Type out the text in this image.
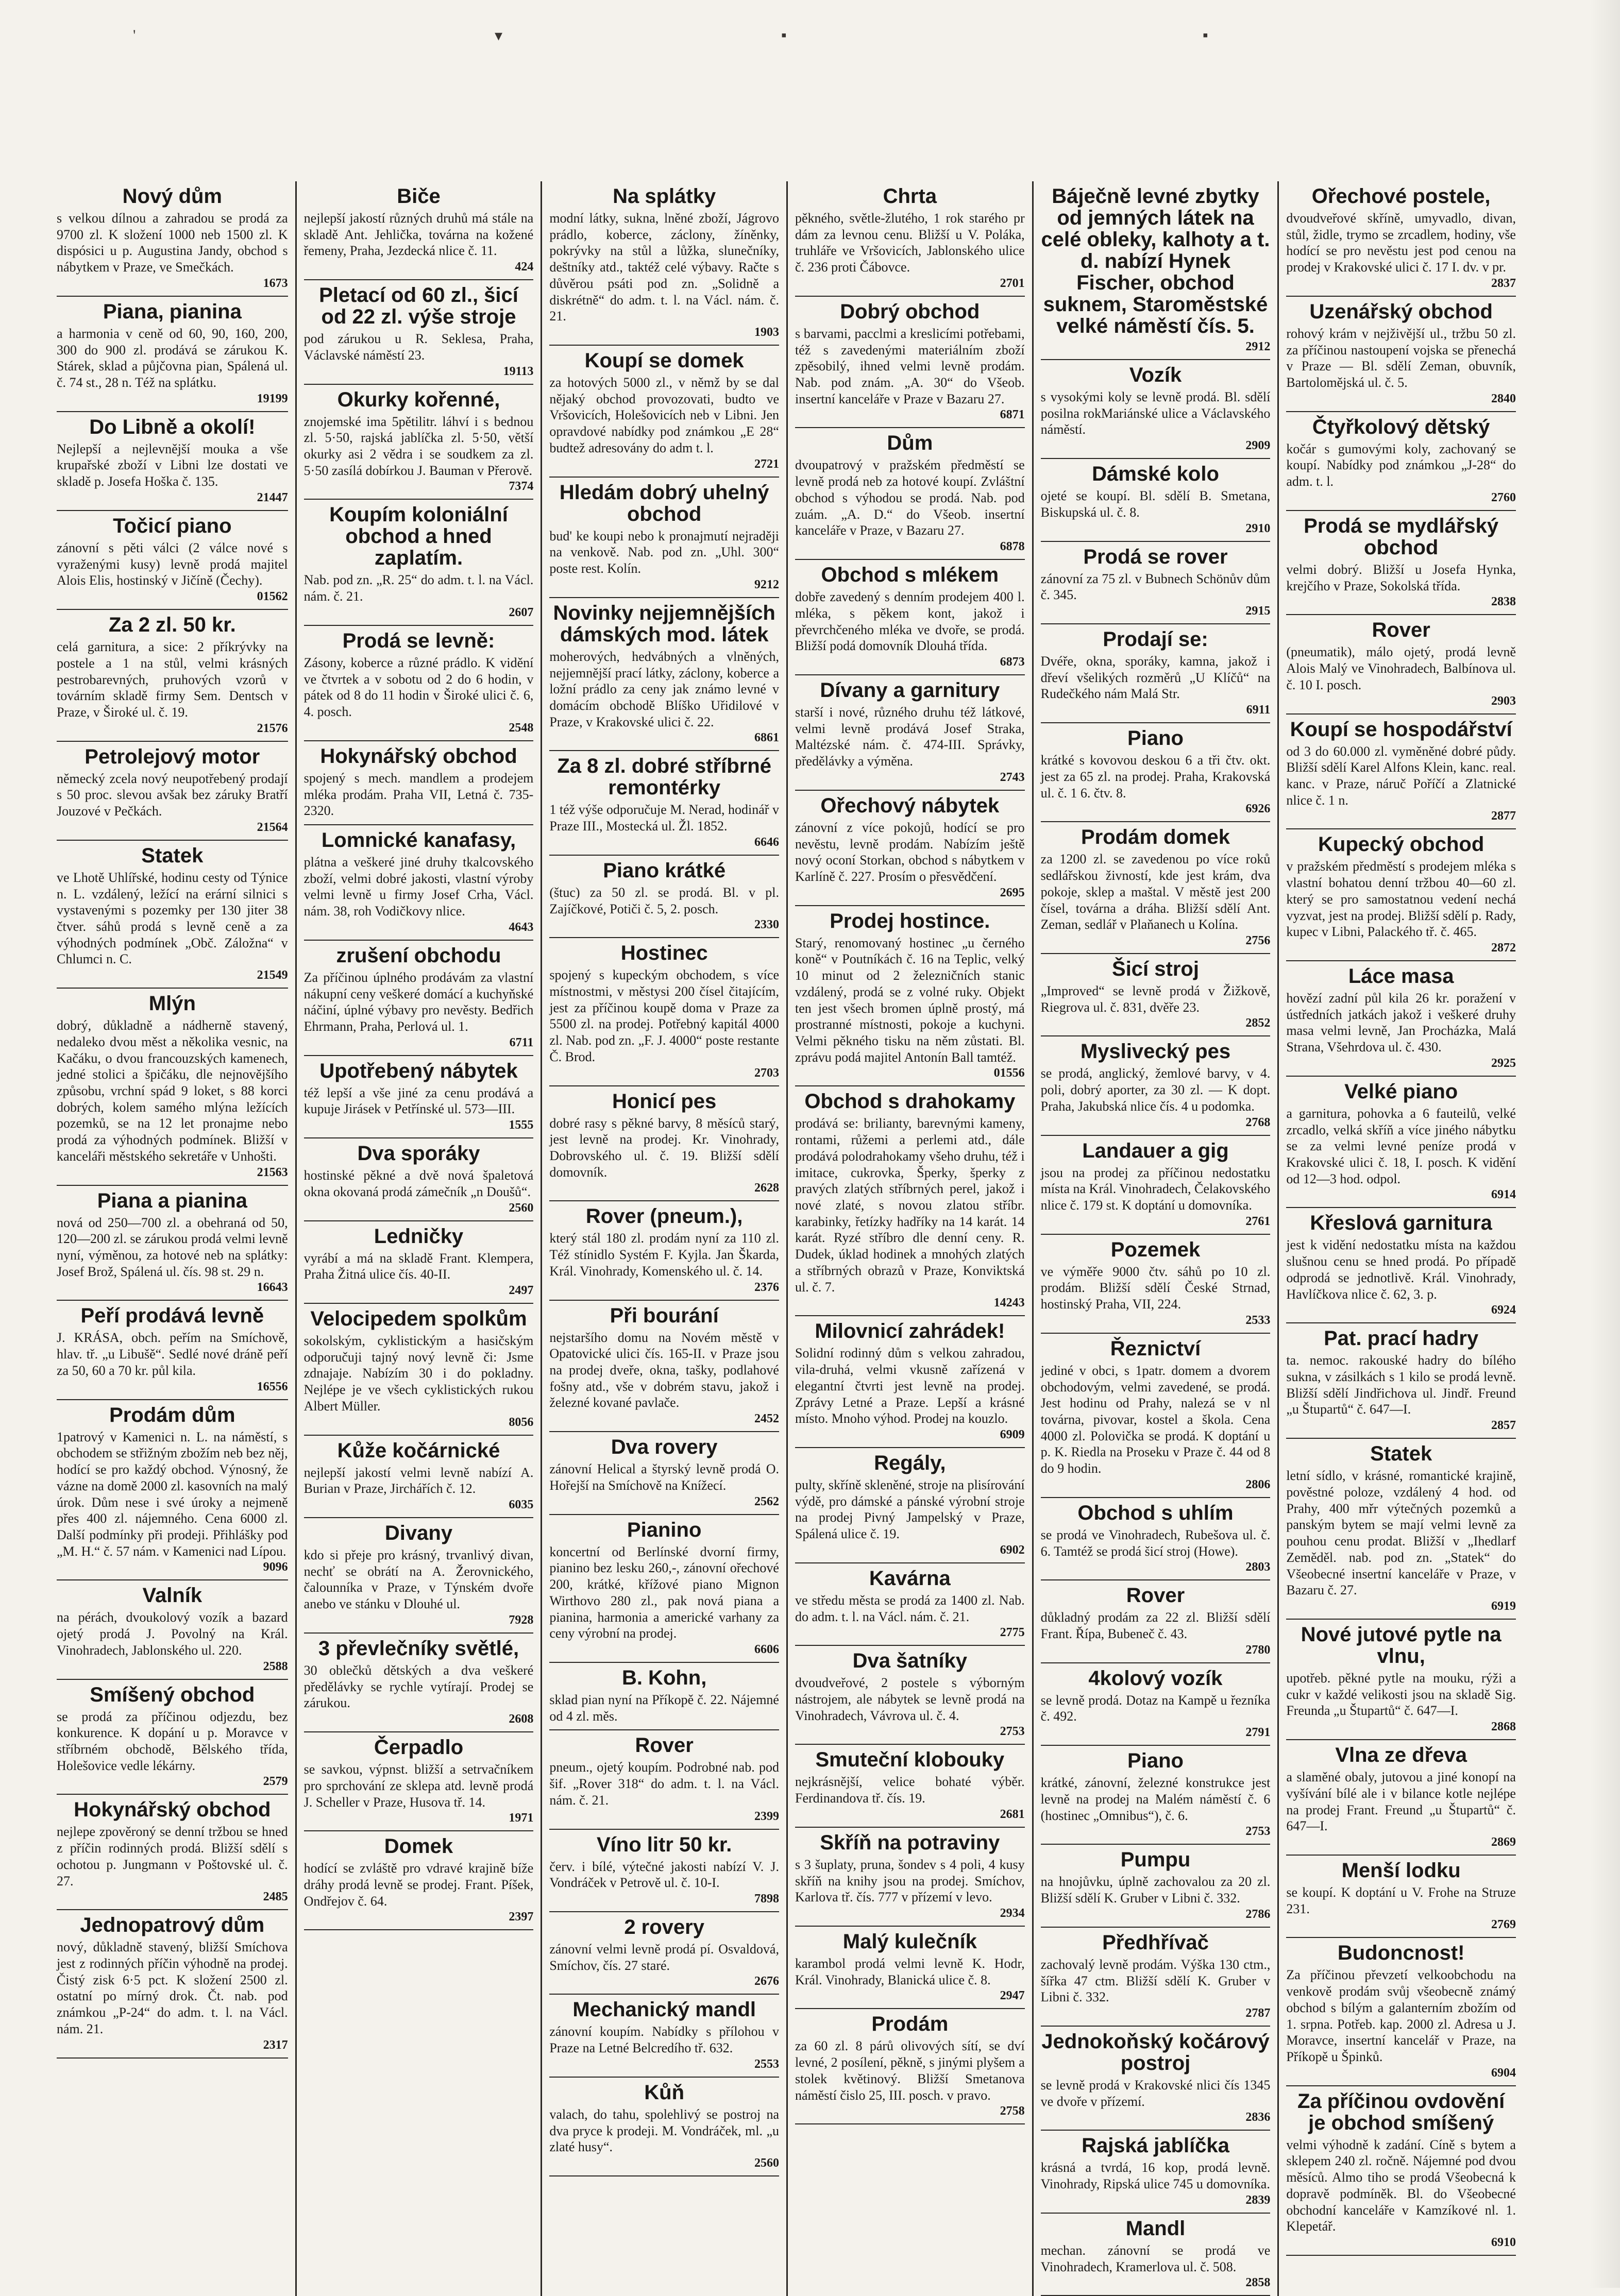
'	▾	▪	▪
Nový dům

s velkou dílnou a zahradou se prodá za 9700 zl. K složení 1000 neb 1500 zl. K dispósici u p. Augustina Jandy, obchod s nábytkem v Praze, ve Smečkách.

1673
Piana, pianina

a harmonia v ceně od 60, 90, 160, 200, 300 do 900 zl. prodává se zárukou K. Stárek, sklad a půjčovna pian, Spálená ul. č. 74 st., 28 n. Též na splátku.

19199
Do Libně a okolí!

Nejlepší a nejlevnější mouka a vše krupařské zboží v Libni lze dostati ve skladě p. Josefa Hoška č. 135.

21447
Točicí piano

zánovní s pěti válci (2 válce nové s vyraženými kusy) levně prodá majitel Alois Elis, hostinský v Jičíně (Čechy).

01562
Za 2 zl. 50 kr.

celá garnitura, a sice: 2 příkrývky na postele a 1 na stůl, velmi krásných pestrobarevných, pruhových vzorů v továrním skladě firmy Sem. Dentsch v Praze, v Široké ul. č. 19.

21576
Petrolejový motor

německý zcela nový neupotřebený prodají s 50 proc. slevou avšak bez záruky Bratří Jouzové v Pečkách.

21564
Statek

ve Lhotě Uhlířské, hodinu cesty od Týnice n. L. vzdálený, ležící na erární silnici s vystavenými s pozemky per 130 jiter 38 čtver. sáhů prodá s levně ceně a za výhodných podmínek „Obč. Záložna“ v Chlumci n. C.

21549
Mlýn

dobrý, důkladně a nádherně stavený, nedaleko dvou měst a několika vesnic, na Kačáku, o dvou francouzských kamenech, jedné stolici a špičáku, dle nejnovějšího způsobu, vrchní spád 9 loket, s 88 korci dobrých, kolem samého mlýna ležících pozemků, se na 12 let pronajme nebo prodá za výhodných podmínek. Bližší v kanceláři městského sekretáře v Unhošti.

21563
Piana a pianina

nová od 250—700 zl. a obehraná od 50, 120—200 zl. se zárukou prodá velmi levně nyní, výměnou, za hotové neb na splátky: Josef Brož, Spálená ul. čís. 98 st. 29 n.

16643
Peří prodává levně

J. KRÁSA, obch. peřím na Smíchově, hlav. tř. „u Libušě“. Sedlé nové dráně peří za 50, 60 a 70 kr. půl kila.

16556
Prodám dům

1patrový v Kamenici n. L. na náměstí, s obchodem se střižným zbožím neb bez něj, hodící se pro každý obchod. Výnosný, že vázne na domě 2000 zl. kasovních na malý úrok. Dům nese i své úroky a nejmeně přes 400 zl. nájemného. Cena 6000 zl. Další podmínky při prodeji. Přihlášky pod „M. H.“ č. 57 nám. v Kamenici nad Lípou.

9096
Valník

na pérách, dvoukolový vozík a bazard ojetý prodá J. Povolný na Král. Vinohradech, Jablonského ul. 220.

2588
Smíšený obchod

se prodá za příčinou odjezdu, bez konkurence. K dopání u p. Moravce v stříbrném obchodě, Bělského třída, Holešovice vedle lékárny.

2579
Hokynářský obchod

nejlepe zpověroný se denní tržbou se hned z příčin rodinných prodá. Bližší sdělí s ochotou p. Jungmann v Poštovské ul. č. 27.

2485
Jednopatrový dům

nový, důkladně stavený, bližší Smíchova jest z rodinných příčin výhodně na prodej. Čistý zisk 6·5 pct. K složení 2500 zl. ostatní po mírný drok. Čt. nab. pod známkou „P-24“ do adm. t. l. na Václ. nám. 21.

2317
Biče

nejlepší jakostí různých druhů má stále na skladě Ant. Jehlička, továrna na kožené řemeny, Praha, Jezdecká nlice č. 11.

424
Pletací od 60 zl., šicí od 22 zl. výše stroje

pod zárukou u R. Seklesa, Praha, Václavské náměstí 23.

19113
Okurky kořenné,

znojemské ima 5pětilitr. láhví i s bednou zl. 5·50, rajská jablíčka zl. 5·50, větší okurky asi 2 vědra i se soudkem za zl. 5·50 zasílá dobírkou J. Bauman v Přerově.

7374
Koupím koloniální obchod a hned zaplatím.

Nab. pod zn. „R. 25“ do adm. t. l. na Václ. nám. č. 21.

2607
Prodá se levně:

Zásony, koberce a různé prádlo. K vidění ve čtvrtek a v sobotu od 2 do 6 hodin, v pátek od 8 do 11 hodin v Široké ulici č. 6, 4. posch.

2548
Hokynářský obchod

spojený s mech. mandlem a prodejem mléka prodám. Praha VII, Letná č. 735-2320.

Lomnické kanafasy,

plátna a veškeré jiné druhy tkalcovského zboží, velmi dobré jakosti, vlastní výroby velmi levně u firmy Josef Crha, Václ. nám. 38, roh Vodičkovy nlice.

4643
zrušení obchodu

Za příčinou úplného prodávám za vlastní nákupní ceny veškeré domácí a kuchyňské náčiní, úplné výbavy pro nevěsty. Bedřich Ehrmann, Praha, Perlová ul. 1.

6711
Upotřebený nábytek

též lepší a vše jiné za cenu prodává a kupuje Jirásek v Petřínské ul. 573—III.

1555
Dva sporáky

hostinské pěkné a dvě nová špaletová okna okovaná prodá zámečník „n Doušů“.

2560
Ledničky

vyrábí a má na skladě Frant. Klempera, Praha Žitná ulice čís. 40-II.

2497
Velocipedem spolkům

sokolským, cyklistickým a hasičským odporučuji tajný nový levně či: Jsme zdnajaje. Nabízím 30 i do pokladny. Nejlépe je ve všech cyklistických rukou Albert Müller.

8056
Kůže kočárnické

nejlepší jakostí velmi levně nabízí A. Burian v Praze, Jirchářích č. 12.

6035
Divany

kdo si přeje pro krásný, trvanlivý divan, nechť se obrátí na A. Žerovnického, čalounníka v Praze, v Týnském dvoře anebo ve stánku v Dlouhé ul.

7928
3 převlečníky světlé,

30 oblečků dětských a dva veškeré předělávky se rychle vytírají. Prodej se zárukou.

2608
Čerpadlo

se savkou, výpnst. bližší a setrvačníkem pro sprchování ze sklepa atd. levně prodá J. Scheller v Praze, Husova tř. 14.

1971
Domek

hodící se zvláště pro vdravé krajině bíže dráhy prodá levně se prodej. Frant. Píšek, Ondřejov č. 64.

2397
Na splátky

modní látky, sukna, lněné zboží, Jágrovo prádlo, koberce, záclony, žíněnky, pokrývky na stůl a lůžka, slunečníky, deštníky atd., taktéž celé výbavy. Račte s důvěrou psáti pod zn. „Solidně a diskrétně“ do adm. t. l. na Václ. nám. č. 21.

1903
Koupí se domek

za hotových 5000 zl., v němž by se dal nějaký obchod provozovati, budto ve Vršovicích, Holešovicích neb v Libni. Jen opravdové nabídky pod známkou „E 28“ budtež adresovány do adm t. l.

2721
Hledám dobrý uhelný obchod

bud' ke koupi nebo k pronajmutí nejraději na venkově. Nab. pod zn. „Uhl. 300“ poste rest. Kolín.

9212
Novinky nejjemnějších dámských mod. látek

moherových, hedvábných a vlněných, nejjemnější prací látky, záclony, koberce a ložní prádlo za ceny jak známo levné v domácím obchodě Blíško Uřidilové v Praze, v Krakovské ulici č. 22.

6861
Za 8 zl. dobré stříbrné remontérky

1 též výše odporučuje M. Nerad, hodinář v Praze III., Mostecká ul. Žl. 1852.

6646
Piano krátké

(štuc) za 50 zl. se prodá. Bl. v pl. Zajíčkové, Potiči č. 5, 2. posch.

2330
Hostinec

spojený s kupeckým obchodem, s více místnostmi, v městysi 200 čísel čitajícím, jest za příčinou koupě doma v Praze za 5500 zl. na prodej. Potřebný kapitál 4000 zl. Nab. pod zn. „F. J. 4000“ poste restante Č. Brod.

2703
Honicí pes

dobré rasy s pěkné barvy, 8 měsíců starý, jest levně na prodej. Kr. Vinohrady, Dobrovského ul. č. 19. Bližší sdělí domovník.

2628
Rover (pneum.),

který stál 180 zl. prodám nyní za 110 zl. Též stínidlo Systém F. Kyjla. Jan Škarda, Král. Vinohrady, Komenského ul. č. 14.

2376
Při bourání

nejstaršího domu na Novém městě v Opatovické ulici čís. 165-II. v Praze jsou na prodej dveře, okna, tašky, podlahové fošny atd., vše v dobrém stavu, jakož i železné kované pavlače.

2452
Dva rovery

zánovní Helical a štyrský levně prodá O. Hořejší na Smíchově na Knížecí.

2562
Pianino

koncertní od Berlínské dvorní firmy, pianino bez lesku 260,-, zánovní ořechové 200, krátké, křížové piano Mignon Wirthovo 280 zl., pak nová piana a pianina, harmonia a americké varhany za ceny výrobní na prodej.

6606
B. Kohn,

sklad pian nyní na Příkopě č. 22. Nájemné od 4 zl. měs.

Rover

pneum., ojetý koupím. Podrobné nab. pod šif. „Rover 318“ do adm. t. l. na Václ. nám. č. 21.

2399
Víno litr 50 kr.

červ. i bílé, výtečné jakosti nabízí V. J. Vondráček v Petrově ul. č. 10-I.

7898
2 rovery

zánovní velmi levně prodá pí. Osvaldová, Smíchov, čís. 27 staré.

2676
Mechanický mandl

zánovní koupím. Nabídky s přílohou v Praze na Letné Belcredího tř. 632.

2553
Kůň

valach, do tahu, spolehlivý se postroj na dva pryce k prodeji. M. Vondráček, ml. „u zlaté husy“.

2560
Chrta

pěkného, světle-žlutého, 1 rok starého pr dám za levnou cenu. Bližší u V. Poláka, truhláře ve Vršovicích, Jablonského ulice č. 236 proti Čábovce.

2701
Dobrý obchod

s barvami, pacclmi a kreslicími potřebami, též s zavedenými materiálním zboží zpěsobilý, ihned velmi levně prodám. Nab. pod znám. „A. 30“ do Všeob. insertní kanceláře v Praze v Bazaru 27.

6871
Dům

dvoupatrový v pražském předměstí se levně prodá neb za hotové koupí. Zvláštní obchod s výhodou se prodá. Nab. pod zuám. „A. D.“ do Všeob. insertní kanceláře v Praze, v Bazaru 27.

6878
Obchod s mlékem

dobře zavedený s denním prodejem 400 l. mléka, s pěkem kont, jakož i převrchčeného mléka ve dvoře, se prodá. Bližší podá domovník Dlouhá třída.

6873
Dívany a garnitury

starší i nové, různého druhu též látkové, velmi levně prodává Josef Straka, Maltézské nám. č. 474-III. Správky, předělávky a výměna.

2743
Ořechový nábytek

zánovní z více pokojů, hodící se pro nevěstu, levně prodám. Nabízím ještě nový oconí Storkan, obchod s nábytkem v Karlíně č. 227. Prosím o přesvědčení.

2695
Prodej hostince.

Starý, renomovaný hostinec „u černého koně“ v Poutníkách č. 16 na Teplic, velký 10 minut od 2 železničních stanic vzdálený, prodá se z volné ruky. Objekt ten jest všech bromen úplně prostý, má prostranné místnosti, pokoje a kuchyni. Velmi pěkného tisku na něm zůstati. Bl. zprávu podá majitel Antonín Ball tamtéž.

01556
Obchod s drahokamy

prodává se: brilianty, barevnými kameny, rontami, růžemi a perlemi atd., dále prodává polodrahokamy všeho druhu, též i imitace, cukrovka, Šperky, šperky z pravých zlatých stříbrných perel, jakož i nové zlaté, s novou zlatou stříbr. karabinky, řetízky hadříky na 14 karát. 14 karát. Ryzé stříbro dle denní ceny. R. Dudek, úklad hodinek a mnohých zlatých a stříbrných obrazů v Praze, Konviktská ul. č. 7.

14243
Milovnicí zahrádek!

Solidní rodinný dům s velkou zahradou, vila-druhá, velmi vkusně zařízená v elegantní čtvrti jest levně na prodej. Zprávy Letné a Praze. Lepší a krásné místo. Mnoho výhod. Prodej na kouzlo.

6909
Regály,

pulty, skříně skleněné, stroje na plisírování výdě, pro dámské a pánské výrobní stroje na prodej Pivný Jampelský v Praze, Spálená ulice č. 19.

6902
Kavárna

ve středu města se prodá za 1400 zl. Nab. do adm. t. l. na Václ. nám. č. 21.

2775
Dva šatníky

dvoudveřové, 2 postele s výborným nástrojem, ale nábytek se levně prodá na Vinohradech, Vávrova ul. č. 4.

2753
Smuteční klobouky

nejkrásnější, velice bohaté výběr. Ferdinandova tř. čís. 19.

2681
Skříň na potraviny

s 3 šuplaty, pruna, šondev s 4 poli, 4 kusy skříň na knihy jsou na prodej. Smíchov, Karlova tř. čís. 777 v přízemí v levo.

2934
Malý kulečník

karambol prodá velmi levně K. Hodr, Král. Vinohrady, Blanická ulice č. 8.

2947
Prodám

za 60 zl. 8 párů olivových sítí, se dví levné, 2 posílení, pěkně, s jinými plyšem a stolek květinový. Bližší Smetanova náměstí čislo 25, III. posch. v pravo.

2758
Báječně levné zbytky od jemných látek na celé obleky, kalhoty a t. d. nabízí Hynek Fischer, obchod suknem, Staroměstské velké náměstí čís. 5.
2912
Vozík

s vysokými koly se levně prodá. Bl. sdělí posilna rokMariánské ulice a Václavského náměstí.

2909
Dámské kolo

ojeté se koupí. Bl. sdělí B. Smetana, Biskupská ul. č. 8.

2910
Prodá se rover

zánovní za 75 zl. v Bubnech Schönův dům č. 345.

2915
Prodají se:

Dvéře, okna, sporáky, kamna, jakož i dřeví všelikých rozměrů „U Klíčů“ na Rudečkého nám Malá Str.

6911
Piano

krátké s kovovou deskou 6 a tři čtv. okt. jest za 65 zl. na prodej. Praha, Krakovská ul. č. 1 6. čtv. 8.

6926
Prodám domek

za 1200 zl. se zavedenou po více roků sedlářskou živností, kde jest krám, dva pokoje, sklep a maštal. V městě jest 200 čísel, továrna a dráha. Bližší sdělí Ant. Zeman, sedlář v Plaňanech u Kolína.

2756
Šicí stroj

„Improved“ se levně prodá v Žižkově, Riegrova ul. č. 831, dvěře 23.

2852
Myslivecký pes

se prodá, anglický, žemlové barvy, v 4. poli, dobrý aporter, za 30 zl. — K dopt. Praha, Jakubská nlice čís. 4 u podomka.

2768
Landauer a gig

jsou na prodej za příčinou nedostatku místa na Král. Vinohradech, Čelakovského nlice č. 179 st. K doptání u domovníka.

2761
Pozemek

ve výměře 9000 čtv. sáhů po 10 zl. prodám. Bližší sdělí České Strnad, hostinský Praha, VII, 224.

2533
Řeznictví

jediné v obci, s 1patr. domem a dvorem obchodovým, velmi zavedené, se prodá. Jest hodinu od Prahy, nalezá se v nl továrna, pivovar, kostel a škola. Cena 4000 zl. Polovička se prodá. K doptání u p. K. Riedla na Proseku v Praze č. 44 od 8 do 9 hodin.

2806
Obchod s uhlím

se prodá ve Vinohradech, Rubešova ul. č. 6. Tamtéž se prodá šicí stroj (Howe).

2803
Rover

důkladný prodám za 22 zl. Bližší sdělí Frant. Řípa, Bubeneč č. 43.

2780
4kolový vozík

se levně prodá. Dotaz na Kampě u řezníka č. 492.

2791
Piano

krátké, zánovní, železné konstrukce jest levně na prodej na Malém náměstí č. 6 (hostinec „Omnibus“), č. 6.

2753
Pumpu

na hnojůvku, úplně zachovalou za 20 zl. Bližší sdělí K. Gruber v Libni č. 332.

2786
Předhřívač

zachovalý levně prodám. Výška 130 ctm., šířka 47 ctm. Bližší sdělí K. Gruber v Libni č. 332.

2787
Jednokoňský kočárový postroj

se levně prodá v Krakovské nlici čís 1345 ve dvoře v přízemí.

2836
Rajská jablíčka

krásná a tvrdá, 16 kop, prodá levně. Vinohrady, Ripská ulice 745 u domovníka.

2839
Mandl

mechan. zánovní se prodá ve Vinohradech, Kramerlova ul. č. 508.

2858
Ořechové postele,

dvoudveřové skříně, umyvadlo, divan, stůl, židle, trymo se zrcadlem, hodiny, vše hodící se pro nevěstu jest pod cenou na prodej v Krakovské ulici č. 17 I. dv. v pr.

2837
Uzenářský obchod

rohový krám v nejživější ul., tržbu 50 zl. za příčinou nastoupení vojska se přenechá v Praze — Bl. sdělí Zeman, obuvník, Bartolomějská ul. č. 5.

2840
Čtyřkolový dětský

kočár s gumovými koly, zachovaný se koupí. Nabídky pod známkou „J-28“ do adm. t. l.

2760
Prodá se mydlářský obchod

velmi dobrý. Bližší u Josefa Hynka, krejčího v Praze, Sokolská třída.

2838
Rover

(pneumatik), málo ojetý, prodá levně Alois Malý ve Vinohradech, Balbínova ul. č. 10 I. posch.

2903
Koupí se hospodářství

od 3 do 60.000 zl. vyměněné dobré půdy. Bližší sdělí Karel Alfons Klein, kanc. real. kanc. v Praze, náruč Poříčí a Zlatnické nlice č. 1 n.

2877
Kupecký obchod

v pražském předměstí s prodejem mléka s vlastní bohatou denní tržbou 40—60 zl. který se pro samostatnou vedení nechá vyzvat, jest na prodej. Bližší sdělí p. Rady, kupec v Libni, Palackého tř. č. 465.

2872
Láce masa

hovězí zadní půl kila 26 kr. poražení v ústředních jatkách jakož i veškeré druhy masa velmi levně, Jan Procházka, Malá Strana, Všehrdova ul. č. 430.

2925
Velké piano

a garnitura, pohovka a 6 fauteilů, velké zrcadlo, velká skříň a více jiného nábytku se za velmi levné peníze prodá v Krakovské ulici č. 18, I. posch. K vidění od 12—3 hod. odpol.

6914
Křeslová garnitura

jest k vidění nedostatku místa na každou slušnou cenu se hned prodá. Po případě odprodá se jednotlivě. Král. Vinohrady, Havlíčkova nlice č. 62, 3. p.

6924
Pat. prací hadry

ta. nemoc. rakouské hadry do bílého sukna, v zásilkách s 1 kilo se prodá levně. Bližší sdělí Jindřichova ul. Jindř. Freund „u Štupartů“ č. 647—I.

2857
Statek

letní sídlo, v krásné, romantické krajině, pověstné poloze, vzdálený 4 hod. od Prahy, 400 mřr výtečných pozemků a panským bytem se mají velmi levně za pouhou cenu prodat. Bližší v „Ihedlarf Zeměděl. nab. pod zn. „Statek“ do Všeobecné insertní kanceláře v Praze, v Bazaru č. 27.

6919
Nové jutové pytle na vlnu,

upotřeb. pěkné pytle na mouku, rýži a cukr v každé velikosti jsou na skladě Sig. Freunda „u Štupartů“ č. 647—I.

2868
Vlna ze dřeva

a slaměné obaly, jutovou a jiné konopí na vyšívání bílé ale i v bilance kotle nejlépe na prodej Frant. Freund „u Štupartů“ č. 647—I.

2869
Menší lodku

se koupí. K doptání u V. Frohe na Struze 231.

2769
Budoncnost!

Za příčinou převzetí velkoobchodu na venkově prodám svůj všeobecně známý obchod s bílým a galanterním zbožím od 1. srpna. Potřeb. kap. 2000 zl. Adresa u J. Moravce, insertní kancelář v Praze, na Příkopě u Špinků.

6904
Za příčinou ovdovění je obchod smíšený

velmi výhodně k zadání. Cíně s bytem a sklepem 240 zl. ročně. Nájemné pod dvou měsíců. Almo tiho se prodá Všeobecná k dopravě podmíněk. Bl. do Všeobecné obchodní kanceláře v Kamzíkové nl. 1. Klepetář.

6910
